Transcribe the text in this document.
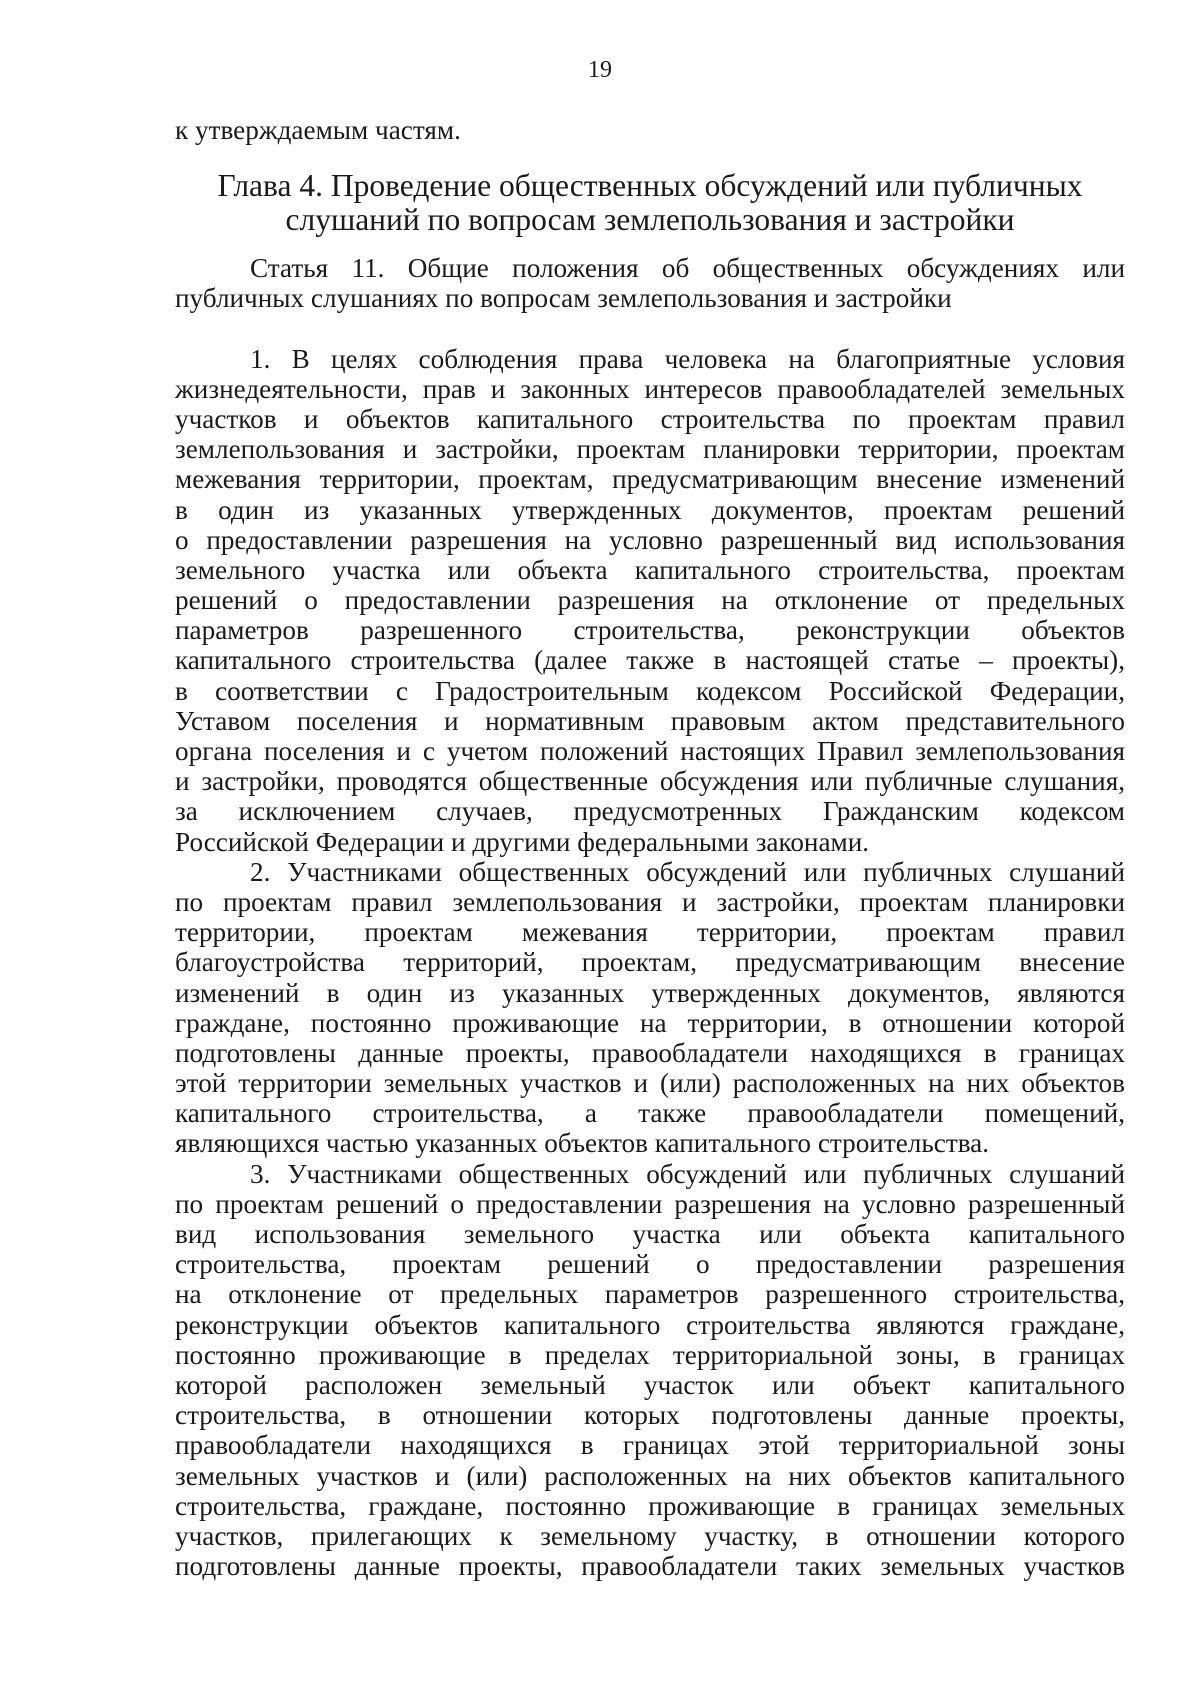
19
к утверждаемым частям.
Глава 4. Проведение общественных обсуждений или публичных
слушаний по вопросам землепользования и застройки
Статья 11. Общие положения об общественных обсуждениях или
публичных слушаниях по вопросам землепользования и застройки
1. В целях соблюдения права человека на благоприятные условия
жизнедеятельности, прав и законных интересов правообладателей земельных
участков и объектов капитального строительства по проектам правил
землепользования и застройки, проектам планировки территории, проектам
межевания территории, проектам, предусматривающим внесение изменений
в один из указанных утвержденных документов, проектам решений
о предоставлении разрешения на условно разрешенный вид использования
земельного участка или объекта капитального строительства, проектам
решений о предоставлении разрешения на отклонение от предельных
параметров разрешенного строительства, реконструкции объектов
капитального строительства (далее также в настоящей статье – проекты),
в соответствии с Градостроительным кодексом Российской Федерации,
Уставом поселения и нормативным правовым актом представительного
органа поселения и с учетом положений настоящих Правил землепользования
и застройки, проводятся общественные обсуждения или публичные слушания,
за исключением случаев, предусмотренных Гражданским кодексом
Российской Федерации и другими федеральными законами.
2. Участниками общественных обсуждений или публичных слушаний
по проектам правил землепользования и застройки, проектам планировки
территории, проектам межевания территории, проектам правил
благоустройства территорий, проектам, предусматривающим внесение
изменений в один из указанных утвержденных документов, являются
граждане, постоянно проживающие на территории, в отношении которой
подготовлены данные проекты, правообладатели находящихся в границах
этой территории земельных участков и (или) расположенных на них объектов
капитального строительства, а также правообладатели помещений,
являющихся частью указанных объектов капитального строительства.
3. Участниками общественных обсуждений или публичных слушаний
по проектам решений о предоставлении разрешения на условно разрешенный
вид использования земельного участка или объекта капитального
строительства, проектам решений о предоставлении разрешения
на отклонение от предельных параметров разрешенного строительства,
реконструкции объектов капитального строительства являются граждане,
постоянно проживающие в пределах территориальной зоны, в границах
которой расположен земельный участок или объект капитального
строительства, в отношении которых подготовлены данные проекты,
правообладатели находящихся в границах этой территориальной зоны
земельных участков и (или) расположенных на них объектов капитального
строительства, граждане, постоянно проживающие в границах земельных
участков, прилегающих к земельному участку, в отношении которого
подготовлены данные проекты, правообладатели таких земельных участков
